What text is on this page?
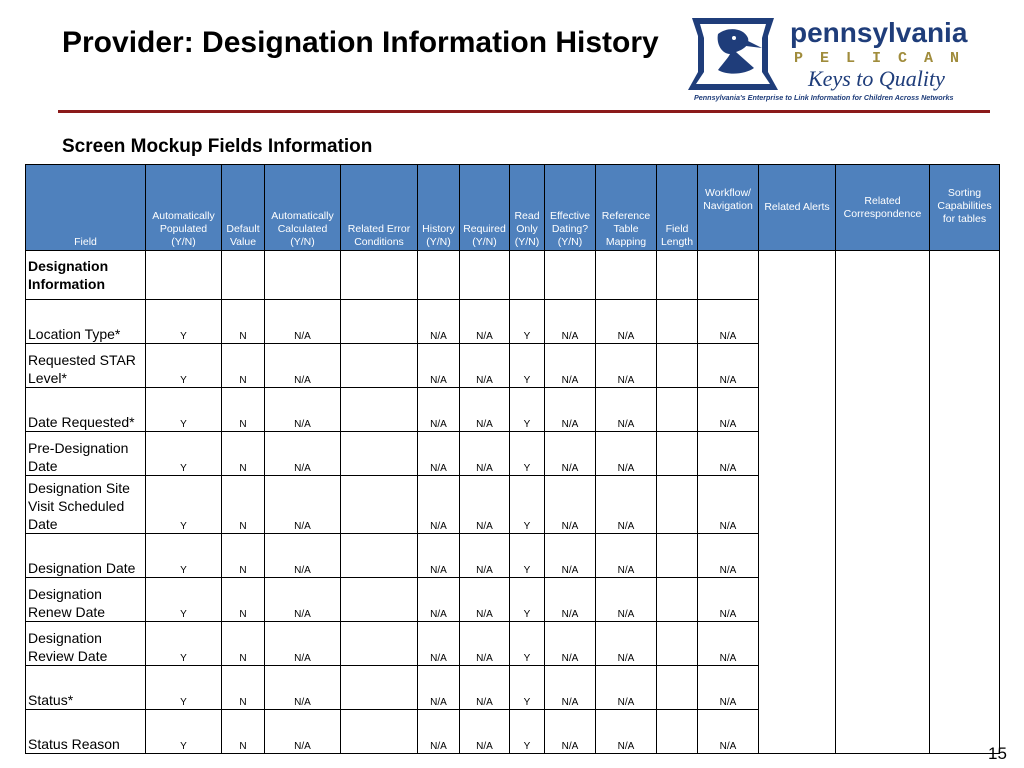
Provider: Designation Information History	pennsylvania
P E L I C A N
Keys to Quality
Pennsylvania's Enterprise to Link Information for Children Across Networks
Screen Mockup Fields Information
Field	Automatically Populated (Y/N)	Default Value	Automatically Calculated (Y/N)	Related Error Conditions	History (Y/N)	Required (Y/N)	Read Only (Y/N)	Effective Dating? (Y/N)	Reference Table Mapping	Field Length	Workflow/ Navigation	Related Alerts	Related Correspondence	Sorting Capabilities for tables
Designation Information														
Location Type*	Y	N	N/A		N/A	N/A	Y	N/A	N/A		N/A			
Requested STAR Level*	Y	N	N/A		N/A	N/A	Y	N/A	N/A		N/A			
Date Requested*	Y	N	N/A		N/A	N/A	Y	N/A	N/A		N/A			
Pre-Designation Date	Y	N	N/A		N/A	N/A	Y	N/A	N/A		N/A			
Designation Site Visit Scheduled Date	Y	N	N/A		N/A	N/A	Y	N/A	N/A		N/A			
Designation Date	Y	N	N/A		N/A	N/A	Y	N/A	N/A		N/A			
Designation Renew Date	Y	N	N/A		N/A	N/A	Y	N/A	N/A		N/A			
Designation Review Date	Y	N	N/A		N/A	N/A	Y	N/A	N/A		N/A			
Status*	Y	N	N/A		N/A	N/A	Y	N/A	N/A		N/A			
Status Reason	Y	N	N/A		N/A	N/A	Y	N/A	N/A		N/A				15
